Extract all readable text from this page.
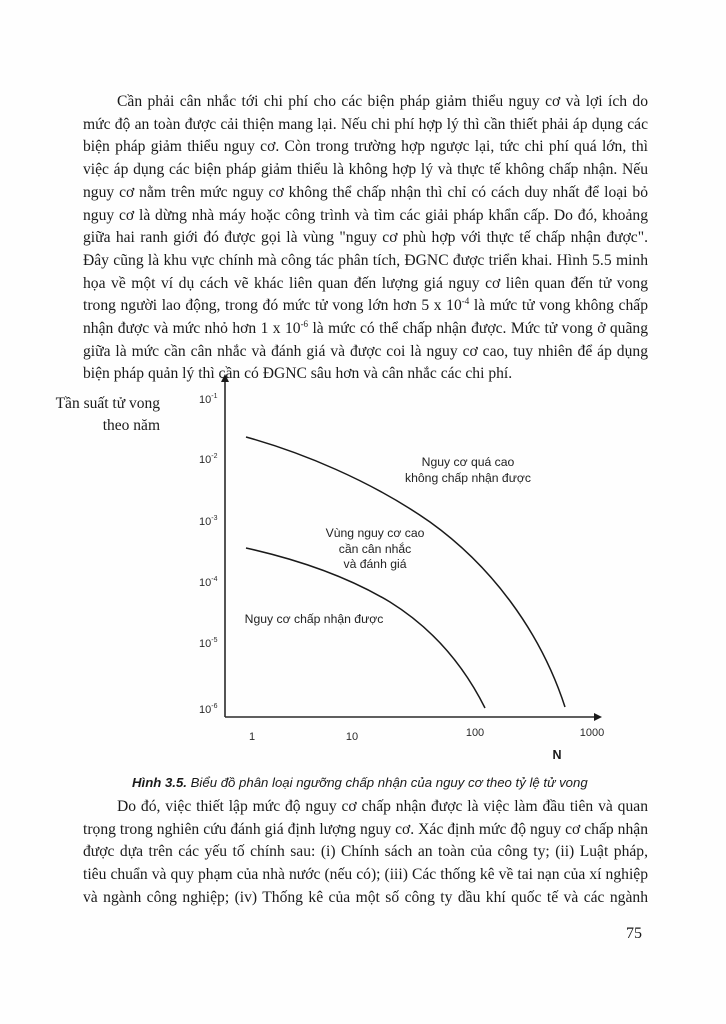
Cần phải cân nhắc tới chi phí cho các biện pháp giảm thiểu nguy cơ và lợi ích do
mức độ an toàn được cải thiện mang lại. Nếu chi phí hợp lý thì cần thiết phải áp dụng các
biện pháp giảm thiểu nguy cơ. Còn trong trường hợp ngược lại, tức chi phí quá lớn, thì
việc áp dụng các biện pháp giảm thiểu là không hợp lý và thực tế không chấp nhận. Nếu
nguy cơ nằm trên mức nguy cơ không thể chấp nhận thì chỉ có cách duy nhất để loại bỏ
nguy cơ là dừng nhà máy hoặc công trình và tìm các giải pháp khẩn cấp. Do đó, khoảng
giữa hai ranh giới đó được gọi là vùng "nguy cơ phù hợp với thực tế chấp nhận được".
Đây cũng là khu vực chính mà công tác phân tích, ĐGNC được triển khai. Hình 5.5 minh
họa về một ví dụ cách vẽ khác liên quan đến lượng giá nguy cơ liên quan đến tử vong
trong người lao động, trong đó mức tử vong lớn hơn 5 x $10^{-4}$ là mức tử vong không chấp
nhận được và mức nhỏ hơn 1 x $10^{-6}$ là mức có thể chấp nhận được. Mức tử vong ở quãng
giữa là mức cần cân nhắc và đánh giá và được coi là nguy cơ cao, tuy nhiên để áp dụng
biện pháp quản lý thì cần có ĐGNC sâu hơn và cân nhắc các chi phí.
Tần suất tử vong
theo năm
$10^{-1}$
$10^{-2}$
$10^{-3}$
$10^{-4}$
$10^{-5}$
$10^{-6}$
1	10	100	1000
N
Nguy cơ quá cao
không chấp nhận được
Vùng nguy cơ cao
cần cân nhắc
và đánh giá
Nguy cơ chấp nhận được
Hình 3.5. Biểu đồ phân loại ngưỡng chấp nhận của nguy cơ theo tỷ lệ tử vong
Do đó, việc thiết lập mức độ nguy cơ chấp nhận được là việc làm đầu tiên và quan
trọng trong nghiên cứu đánh giá định lượng nguy cơ. Xác định mức độ nguy cơ chấp nhận
được dựa trên các yếu tố chính sau: (i) Chính sách an toàn của công ty; (ii) Luật pháp,
tiêu chuẩn và quy phạm của nhà nước (nếu có); (iii) Các thống kê về tai nạn của xí nghiệp
và ngành công nghiệp; (iv) Thống kê của một số công ty dầu khí quốc tế và các ngành
75
